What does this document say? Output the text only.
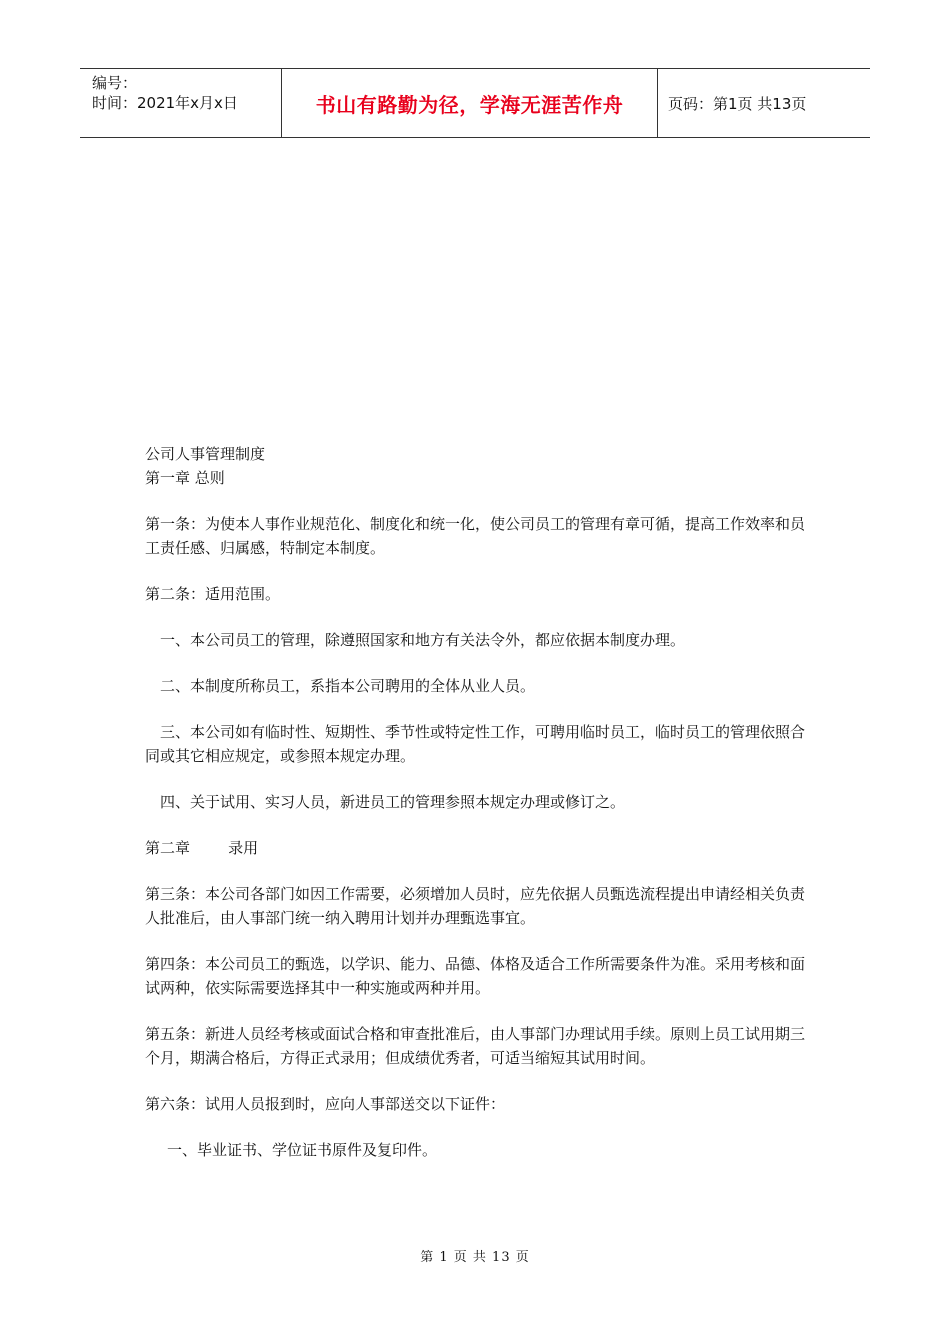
编号：
时间：2021年x月x日	书山有路勤为径，学海无涯苦作舟	页码：第1页 共13页

公司人事管理制度

第一章 总则

第一条：为使本人事作业规范化、制度化和统一化，使公司员工的管理有章可循，提高工作效率和员工责任感、归属感，特制定本制度。

第二条：适用范围。

一、本公司员工的管理，除遵照国家和地方有关法令外，都应依据本制度办理。

二、本制度所称员工，系指本公司聘用的全体从业人员。

三、本公司如有临时性、短期性、季节性或特定性工作，可聘用临时员工，临时员工的管理依照合同或其它相应规定，或参照本规定办理。

四、关于试用、实习人员，新进员工的管理参照本规定办理或修订之。

第二章        录用

第三条：本公司各部门如因工作需要，必须增加人员时，应先依据人员甄选流程提出申请经相关负责人批准后，由人事部门统一纳入聘用计划并办理甄选事宜。

第四条：本公司员工的甄选，以学识、能力、品德、体格及适合工作所需要条件为准。采用考核和面试两种，依实际需要选择其中一种实施或两种并用。

第五条：新进人员经考核或面试合格和审查批准后，由人事部门办理试用手续。原则上员工试用期三个月，期满合格后，方得正式录用；但成绩优秀者，可适当缩短其试用时间。

第六条：试用人员报到时，应向人事部送交以下证件：

一、毕业证书、学位证书原件及复印件。

第 1 页 共 13 页
